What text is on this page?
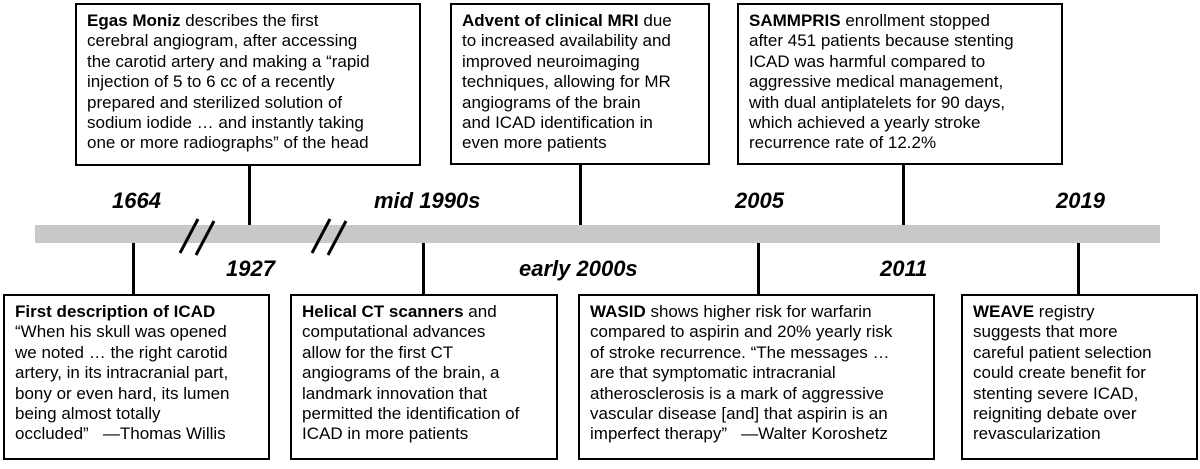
1664
1927
mid 1990s
early 2000s
2005
2011
2019
First description of ICAD
“When his skull was opened
we noted … the right carotid
artery, in its intracranial part,
bony or even hard, its lumen
being almost totally
occluded”   —Thomas Willis
Egas Moniz describes the first
cerebral angiogram, after accessing
the carotid artery and making a “rapid
injection of 5 to 6 cc of a recently
prepared and sterilized solution of
sodium iodide … and instantly taking
one or more radiographs” of the head
Helical CT scanners and
computational advances
allow for the first CT
angiograms of the brain, a
landmark innovation that
permitted the identification of
ICAD in more patients
Advent of clinical MRI due
to increased availability and
improved neuroimaging
techniques, allowing for MR
angiograms of the brain
and ICAD identification in
even more patients
WASID shows higher risk for warfarin
compared to aspirin and 20% yearly risk
of stroke recurrence. “The messages …
are that symptomatic intracranial
atherosclerosis is a mark of aggressive
vascular disease [and] that aspirin is an
imperfect therapy”   —Walter Koroshetz
SAMMPRIS enrollment stopped
after 451 patients because stenting
ICAD was harmful compared to
aggressive medical management,
with dual antiplatelets for 90 days,
which achieved a yearly stroke
recurrence rate of 12.2%
WEAVE registry
suggests that more
careful patient selection
could create benefit for
stenting severe ICAD,
reigniting debate over
revascularization
